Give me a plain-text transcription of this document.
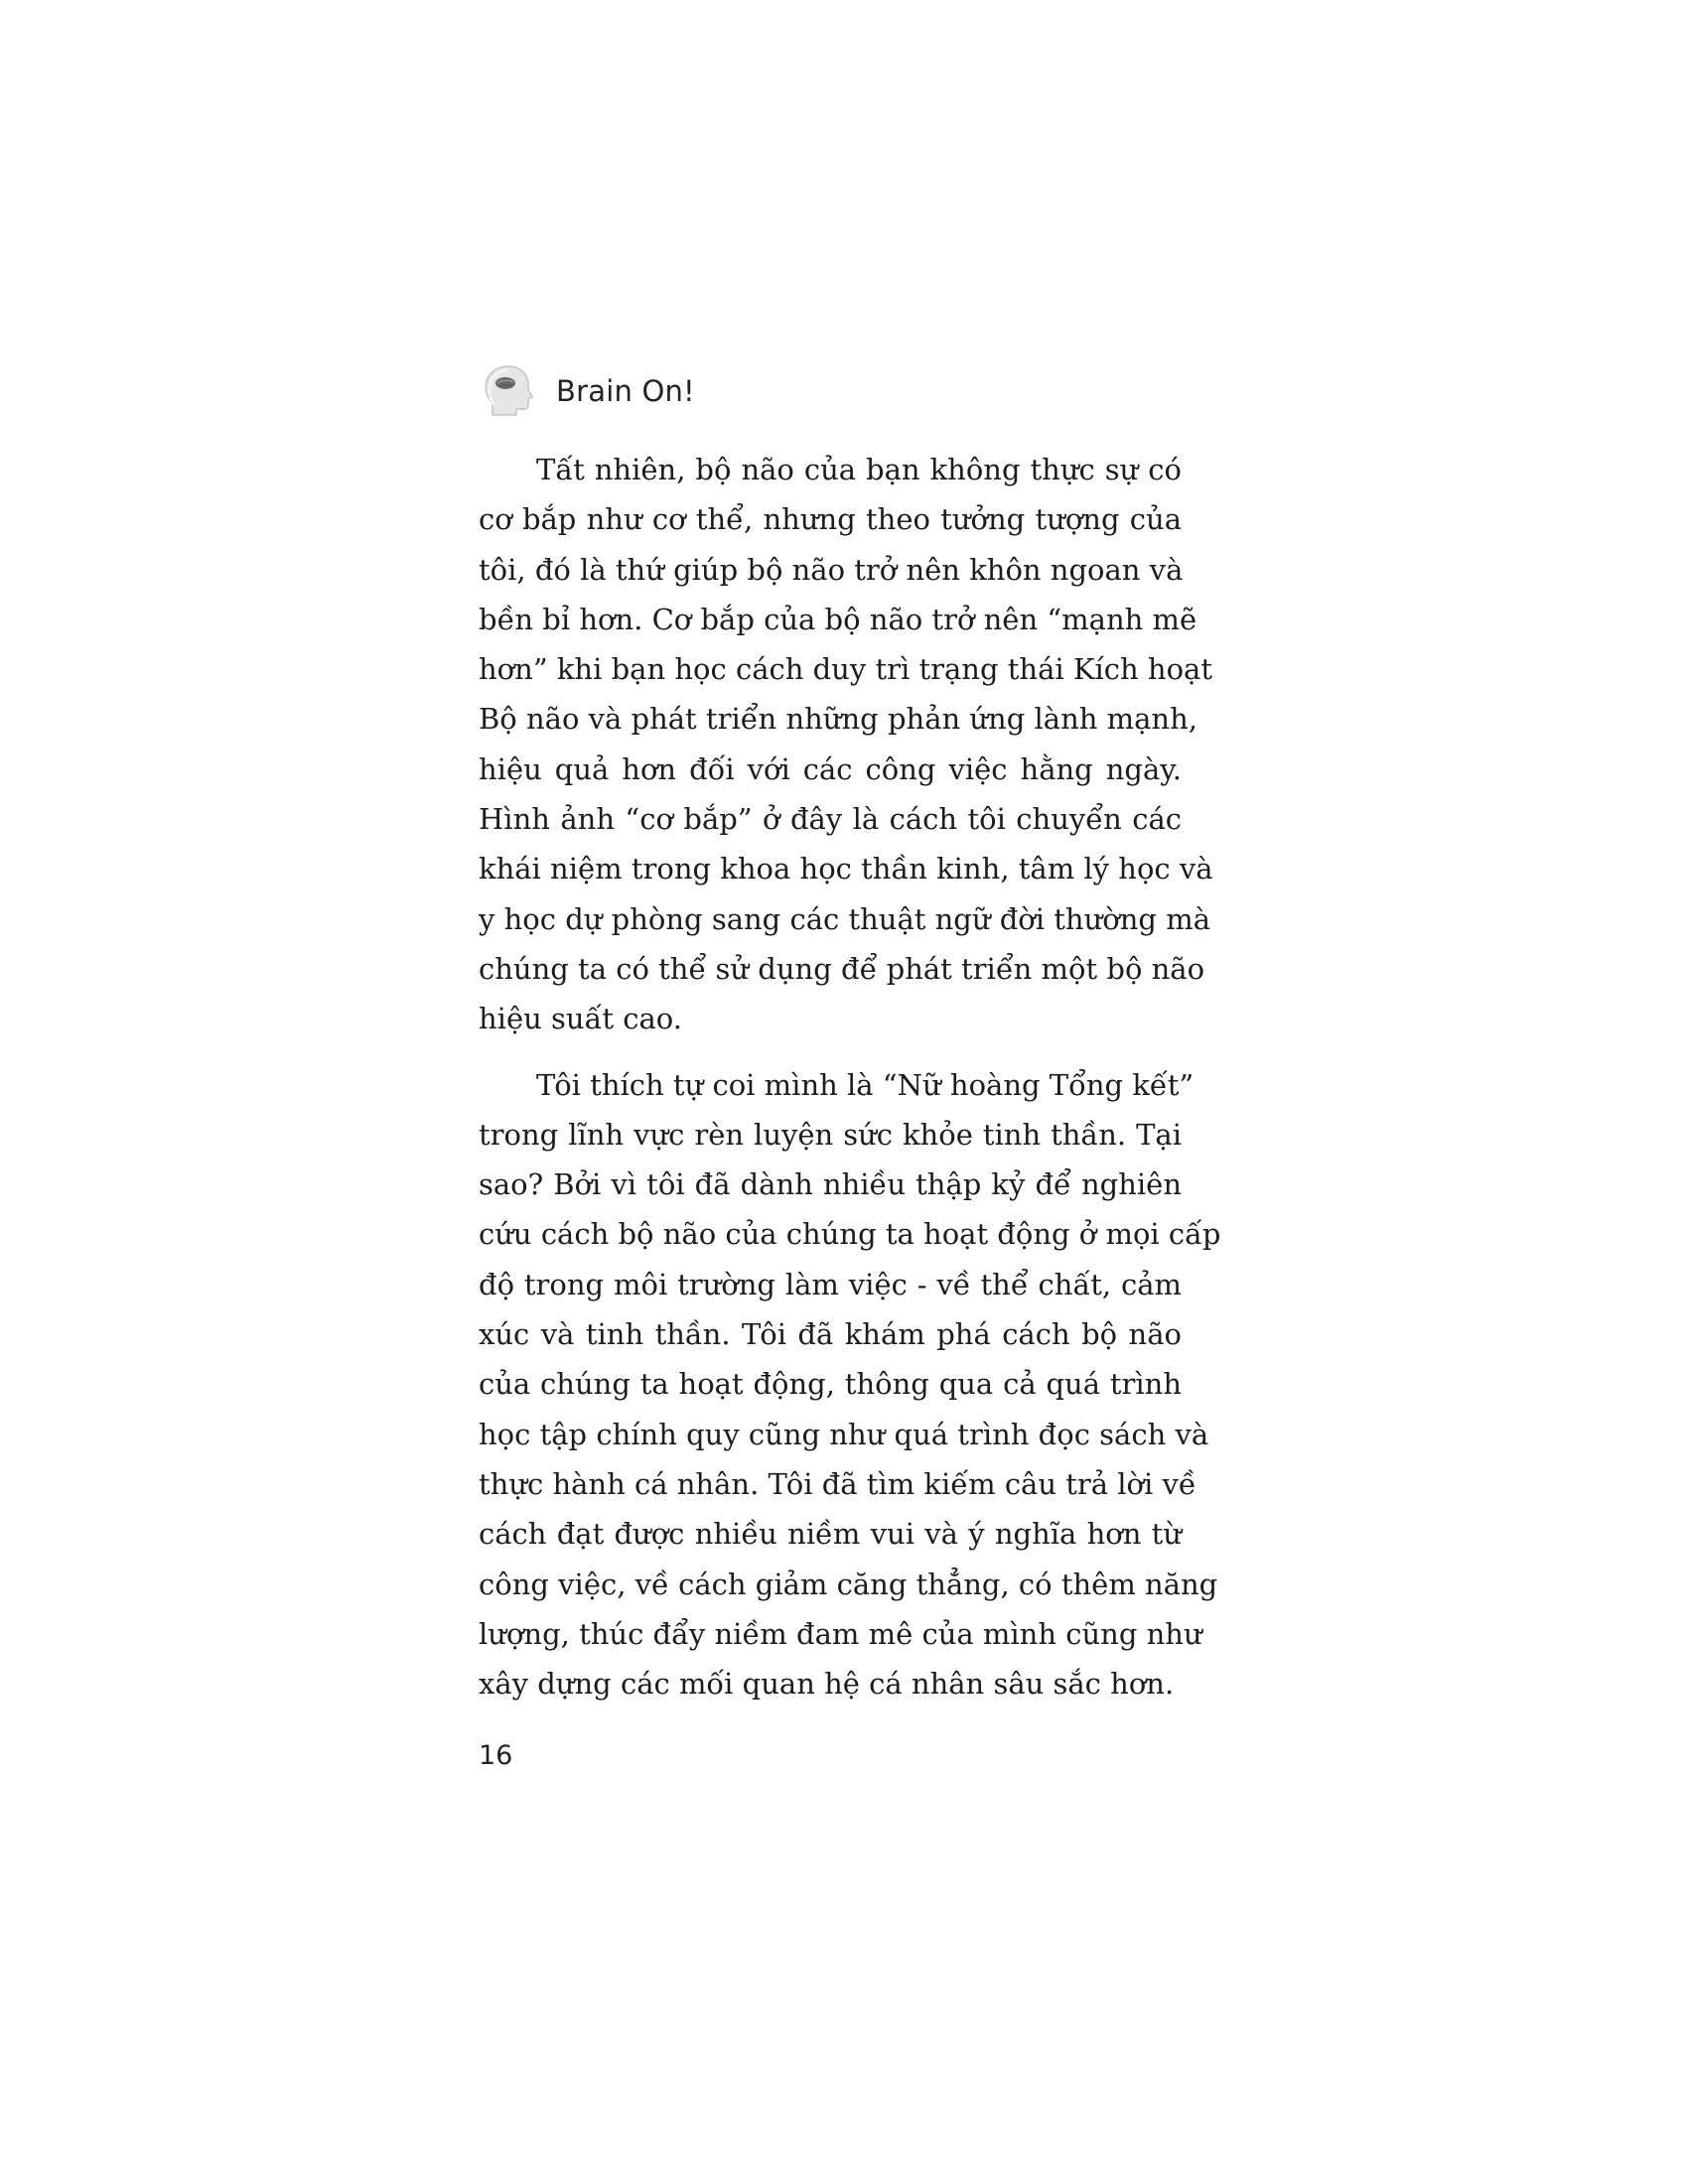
Brain On!

Tất nhiên, bộ não của bạn không thực sự có
cơ bắp như cơ thể, nhưng theo tưởng tượng của
tôi, đó là thứ giúp bộ não trở nên khôn ngoan và
bền bỉ hơn. Cơ bắp của bộ não trở nên “mạnh mẽ
hơn” khi bạn học cách duy trì trạng thái Kích hoạt
Bộ não và phát triển những phản ứng lành mạnh,
hiệu quả hơn đối với các công việc hằng ngày.
Hình ảnh “cơ bắp” ở đây là cách tôi chuyển các
khái niệm trong khoa học thần kinh, tâm lý học và
y học dự phòng sang các thuật ngữ đời thường mà
chúng ta có thể sử dụng để phát triển một bộ não
hiệu suất cao.

Tôi thích tự coi mình là “Nữ hoàng Tổng kết”
trong lĩnh vực rèn luyện sức khỏe tinh thần. Tại
sao? Bởi vì tôi đã dành nhiều thập kỷ để nghiên
cứu cách bộ não của chúng ta hoạt động ở mọi cấp
độ trong môi trường làm việc - về thể chất, cảm
xúc và tinh thần. Tôi đã khám phá cách bộ não
của chúng ta hoạt động, thông qua cả quá trình
học tập chính quy cũng như quá trình đọc sách và
thực hành cá nhân. Tôi đã tìm kiếm câu trả lời về
cách đạt được nhiều niềm vui và ý nghĩa hơn từ
công việc, về cách giảm căng thẳng, có thêm năng
lượng, thúc đẩy niềm đam mê của mình cũng như
xây dựng các mối quan hệ cá nhân sâu sắc hơn.

16
